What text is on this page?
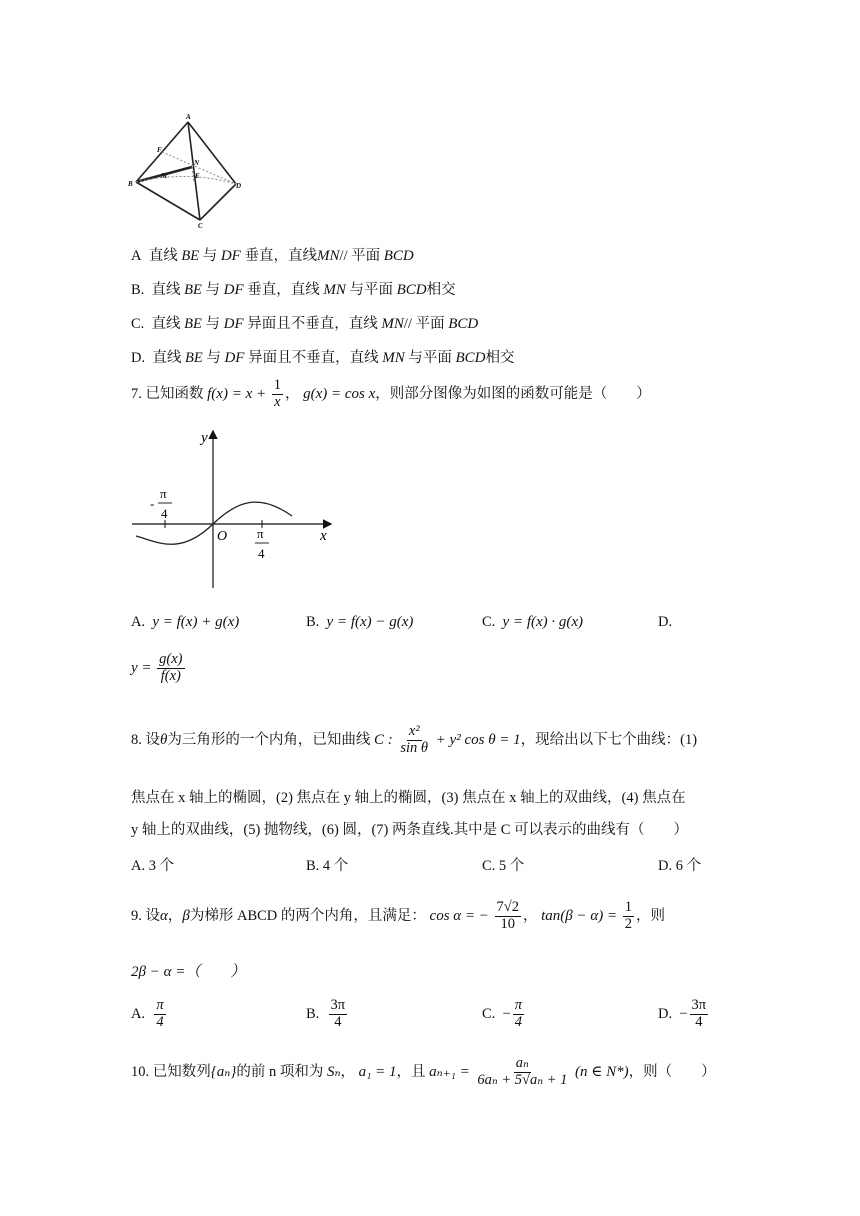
A
B
C
D
E
F
M
N
A 直线 BE 与 DF 垂直，直线MN// 平面 BCD
B. 直线 BE 与 DF 垂直，直线 MN 与平面 BCD相交
C. 直线 BE 与 DF 异面且不垂直，直线 MN// 平面 BCD
D. 直线 BE 与 DF 异面且不垂直，直线 MN 与平面 BCD相交
7. 已知函数 $f(x) = x + \frac{1}{x}$ ， g(x) = cos x，则部分图像为如图的函数可能是（　　）
y
x
O
-
π
4
π
4
A. y = f(x) + g(x)	B. y = f(x) − g(x)	C. y = f(x) · g(x)	D.
$y = \frac{g(x)}{f(x)}$
8. 设θ为三角形的一个内角，已知曲线 C : $\frac{\text{x²}}{\text{sin θ}} + y^2$ cos θ = 1，现给出以下七个曲线：(1)
焦点在 x 轴上的椭圆，(2) 焦点在 y 轴上的椭圆，(3) 焦点在 x 轴上的双曲线，(4) 焦点在
y 轴上的双曲线，(5) 抛物线，(6) 圆，(7) 两条直线.其中是 C 可以表示的曲线有（　　）
A. 3 个	B. 4 个	C. 5 个	D. 6 个
9. 设α，β为梯形 ABCD 的两个内角，且满足： cos α = − $\frac{7√2}{10}$ ， $\tan(\beta - \alpha) = \frac{1}{2}$ ，则
2β − α =（　　）
A. $\frac{\pi}{4}$	B. $\frac{3\pi}{4}$	C. − $\frac{\pi}{4}$	D. − $\frac{3\pi}{4}$
10. 已知数列{aₙ}的前 n 项和为 Sₙ， a₁ = 1，且 $a_{n+1} = \frac{\text{aₙ}}{\text{6aₙ + 5√aₙ + 1}} (n$ ∈ N*)，则（　　）
